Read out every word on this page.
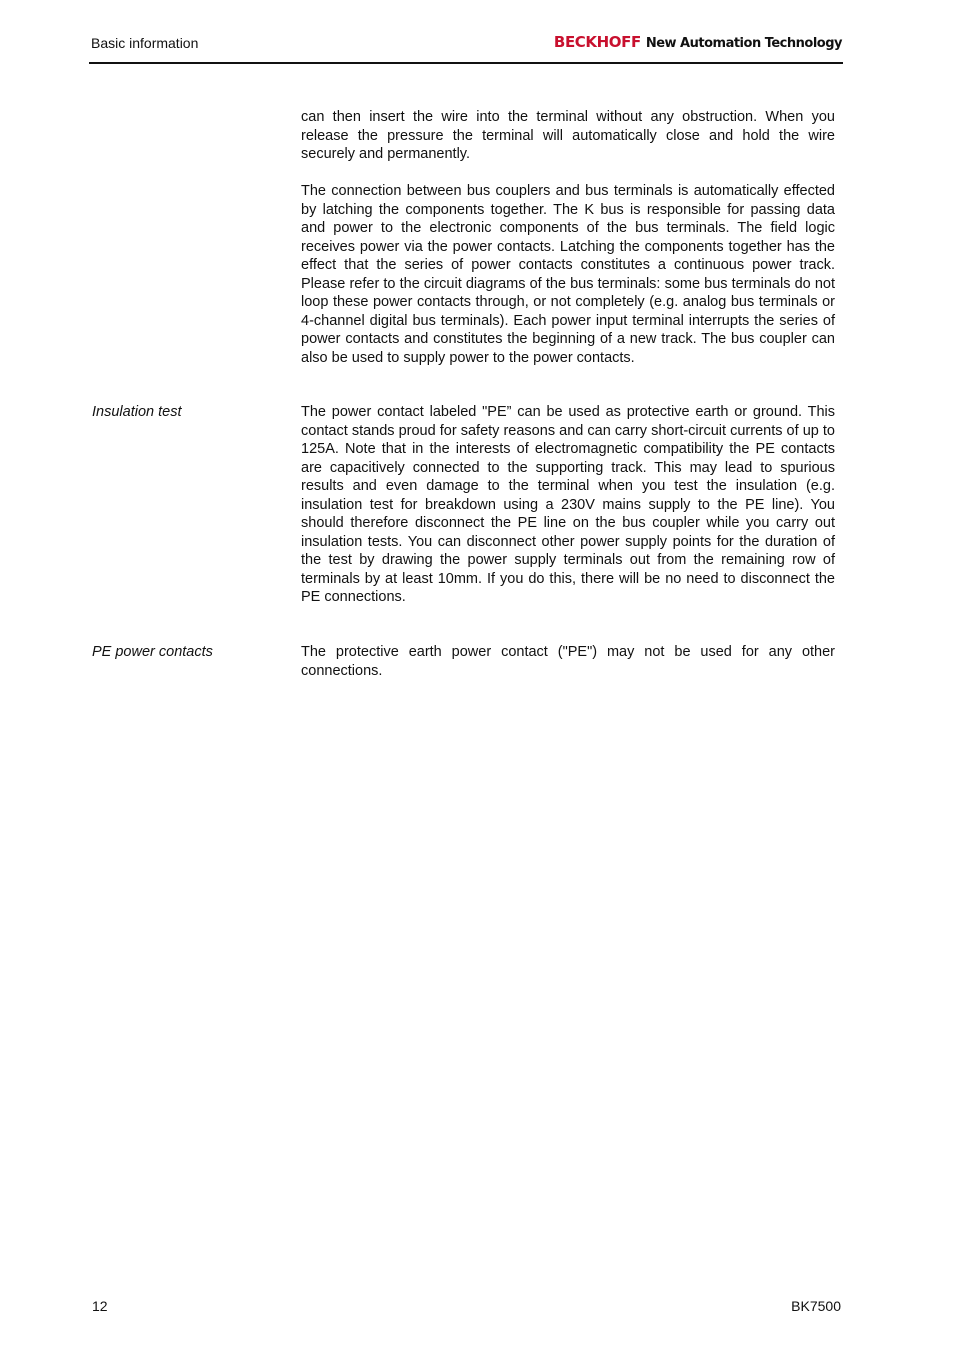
Basic information	BECKHOFF New Automation Technology

can then insert the wire into the terminal without any obstruction. When you release the pressure the terminal will automatically close and hold the wire securely and permanently.

The connection between bus couplers and bus terminals is automatically effected by latching the components together. The K bus is responsible for passing data and power to the electronic components of the bus terminals. The field logic receives power via the power contacts. Latching the components together has the effect that the series of power contacts constitutes a continuous power track. Please refer to the circuit diagrams of the bus terminals: some bus terminals do not loop these power contacts through, or not completely (e.g. analog bus terminals or 4-channel digital bus terminals). Each power input terminal interrupts the series of power contacts and constitutes the beginning of a new track. The bus coupler can also be used to supply power to the power contacts.

Insulation test	The power contact labeled "PE” can be used as protective earth or ground. This contact stands proud for safety reasons and can carry short-circuit currents of up to 125A. Note that in the interests of electromagnetic compatibility the PE contacts are capacitively connected to the supporting track. This may lead to spurious results and even damage to the terminal when you test the insulation (e.g. insulation test for breakdown using a 230V mains supply to the PE line). You should therefore disconnect the PE line on the bus coupler while you carry out insulation tests. You can disconnect other power supply points for the duration of the test by drawing the power supply terminals out from the remaining row of terminals by at least 10mm. If you do this, there will be no need to disconnect the PE connections.

PE power contacts	The protective earth power contact ("PE") may not be used for any other connections.

12	BK7500
